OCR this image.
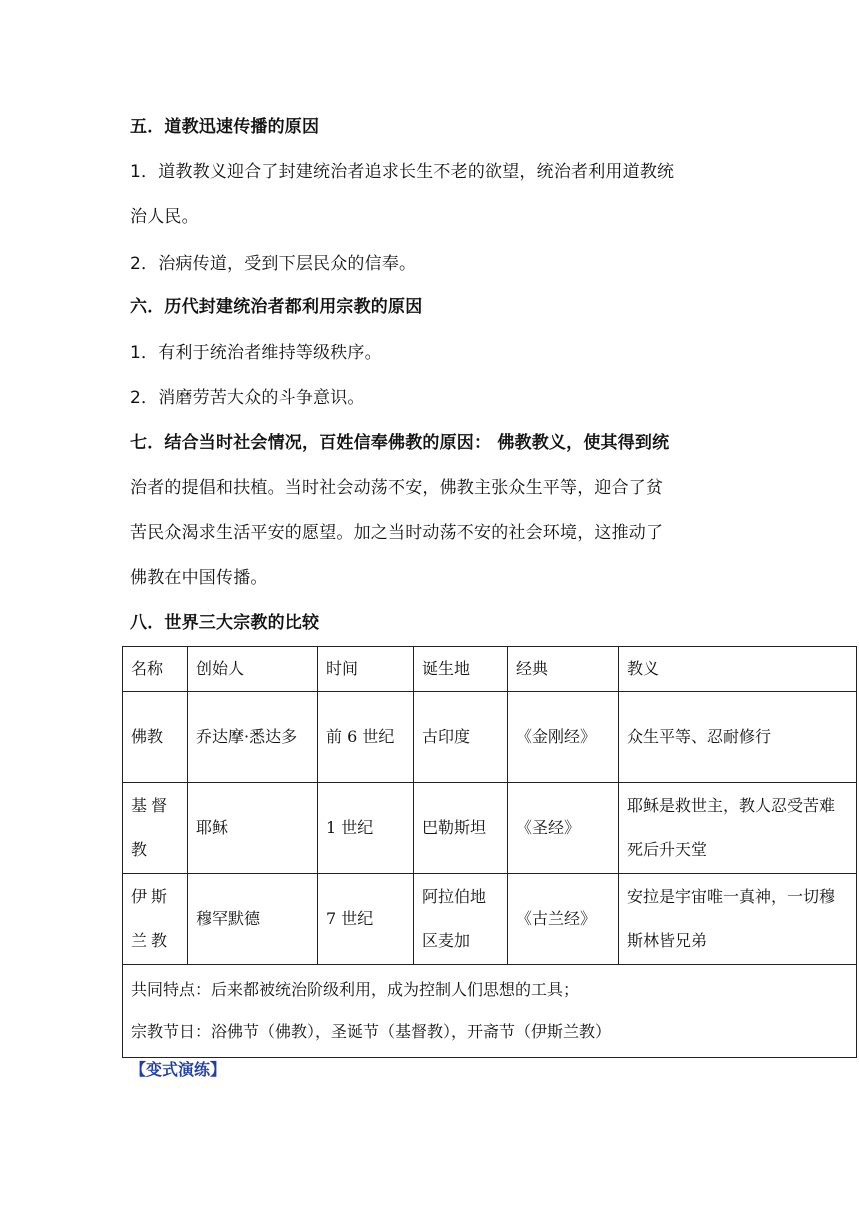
五．道教迅速传播的原因
1．道教教义迎合了封建统治者追求长生不老的欲望，统治者利用道教统
治人民。
2．治病传道，受到下层民众的信奉。
六．历代封建统治者都利用宗教的原因
1．有利于统治者维持等级秩序。
2．消磨劳苦大众的斗争意识。
七．结合当时社会情况，百姓信奉佛教的原因： 佛教教义，使其得到统
治者的提倡和扶植。当时社会动荡不安，佛教主张众生平等，迎合了贫
苦民众渴求生活平安的愿望。加之当时动荡不安的社会环境，这推动了
佛教在中国传播。
八．世界三大宗教的比较
名称	创始人	时间	诞生地	经典	教义
佛教	乔达摩·悉达多	前 6 世纪	古印度	《金刚经》	众生平等、忍耐修行
基督教	耶稣	1 世纪	巴勒斯坦	《圣经》	耶稣是救世主，教人忍受苦难死后升天堂
伊斯兰教	穆罕默德	7 世纪	阿拉伯地区麦加	《古兰经》	安拉是宇宙唯一真神，一切穆斯林皆兄弟

共同特点：后来都被统治阶级利用，成为控制人们思想的工具；
宗教节日：浴佛节（佛教），圣诞节（基督教），开斋节（伊斯兰教）					
【变式演练】
